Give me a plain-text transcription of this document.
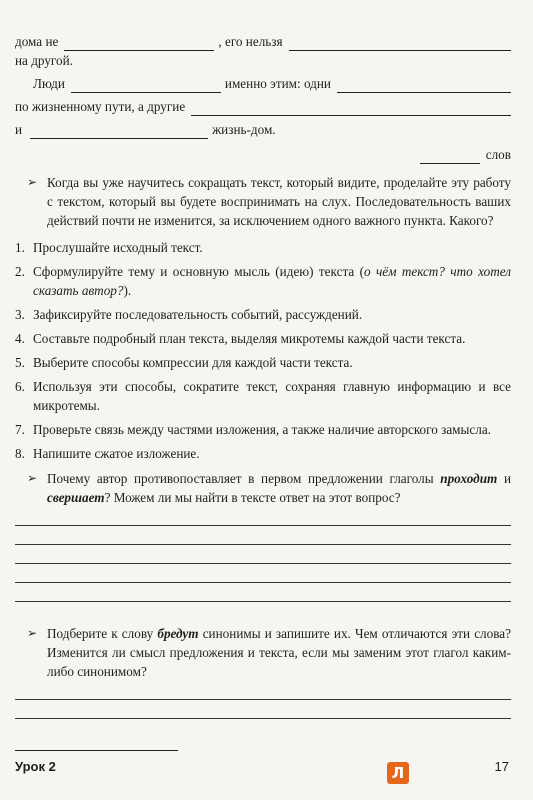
дома не	, его нельзя
на другой.
Люди	именно этим: одни
по жизненному пути, а другие
и	жизнь-дом.
слов
➢ Когда вы уже научитесь сокращать текст, который видите, проделайте эту работу с текстом, который вы будете воспринимать на слух. Последовательность ваших действий почти не изменится, за исключением одного важного пункта. Какого?
1. Прослушайте исходный текст.
2. Сформулируйте тему и основную мысль (идею) текста (о чём текст? что хотел сказать автор?).
3. Зафиксируйте последовательность событий, рассуждений.
4. Составьте подробный план текста, выделяя микротемы каждой части текста.
5. Выберите способы компрессии для каждой части текста.
6. Используя эти способы, сократите текст, сохраняя главную информацию и все микротемы.
7. Проверьте связь между частями изложения, а также наличие авторского замысла.
8. Напишите сжатое изложение.
➢ Почему автор противопоставляет в первом предложении глаголы проходит и свершает? Можем ли мы найти в тексте ответ на этот вопрос?
➢ Подберите к слову бредут синонимы и запишите их. Чем отличаются эти слова? Изменится ли смысл предложения и текста, если мы заменим этот глагол каким-либо синонимом?
Урок 2	Л	17
